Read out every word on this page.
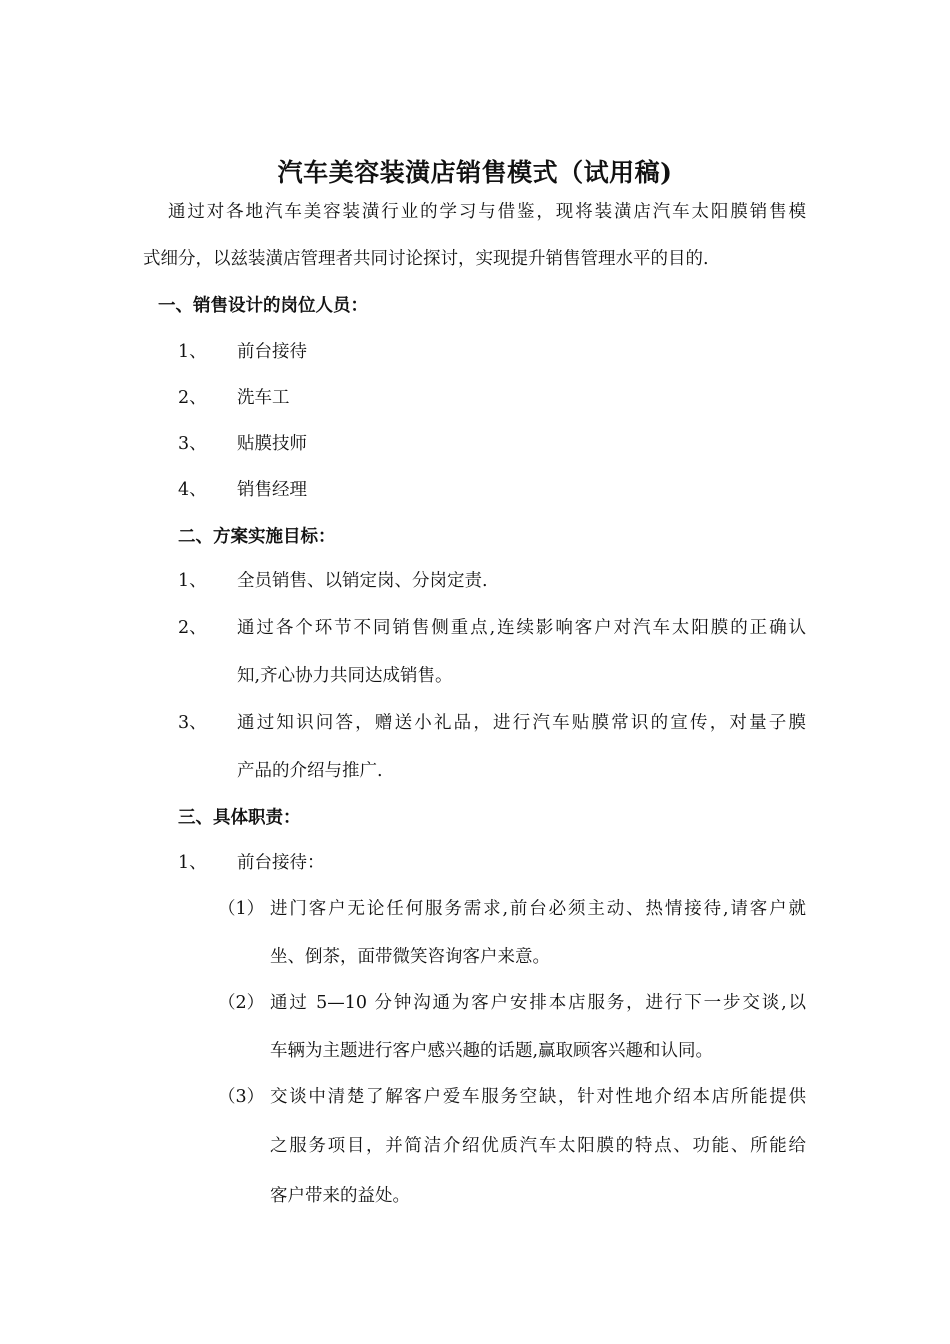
汽车美容装潢店销售模式（试用稿)
通过对各地汽车美容装潢行业的学习与借鉴，现将装潢店汽车太阳膜销售模
式细分，以兹装潢店管理者共同讨论探讨，实现提升销售管理水平的目的.
一、销售设计的岗位人员：
1、 前台接待
2、 洗车工
3、 贴膜技师
4、 销售经理
二、方案实施目标：
1、 全员销售、以销定岗、分岗定责.
2、 通过各个环节不同销售侧重点,连续影响客户对汽车太阳膜的正确认
知,齐心协力共同达成销售。
3、 通过知识问答，赠送小礼品，进行汽车贴膜常识的宣传，对量子膜
产品的介绍与推广.
三、具体职责：
1、 前台接待：
（1） 进门客户无论任何服务需求,前台必须主动、热情接待,请客户就
坐、倒茶，面带微笑咨询客户来意。
（2） 通过 5—10 分钟沟通为客户安排本店服务，进行下一步交谈,以
车辆为主题进行客户感兴趣的话题,赢取顾客兴趣和认同。
（3） 交谈中清楚了解客户爱车服务空缺，针对性地介绍本店所能提供
之服务项目，并简洁介绍优质汽车太阳膜的特点、功能、所能给
客户带来的益处。
